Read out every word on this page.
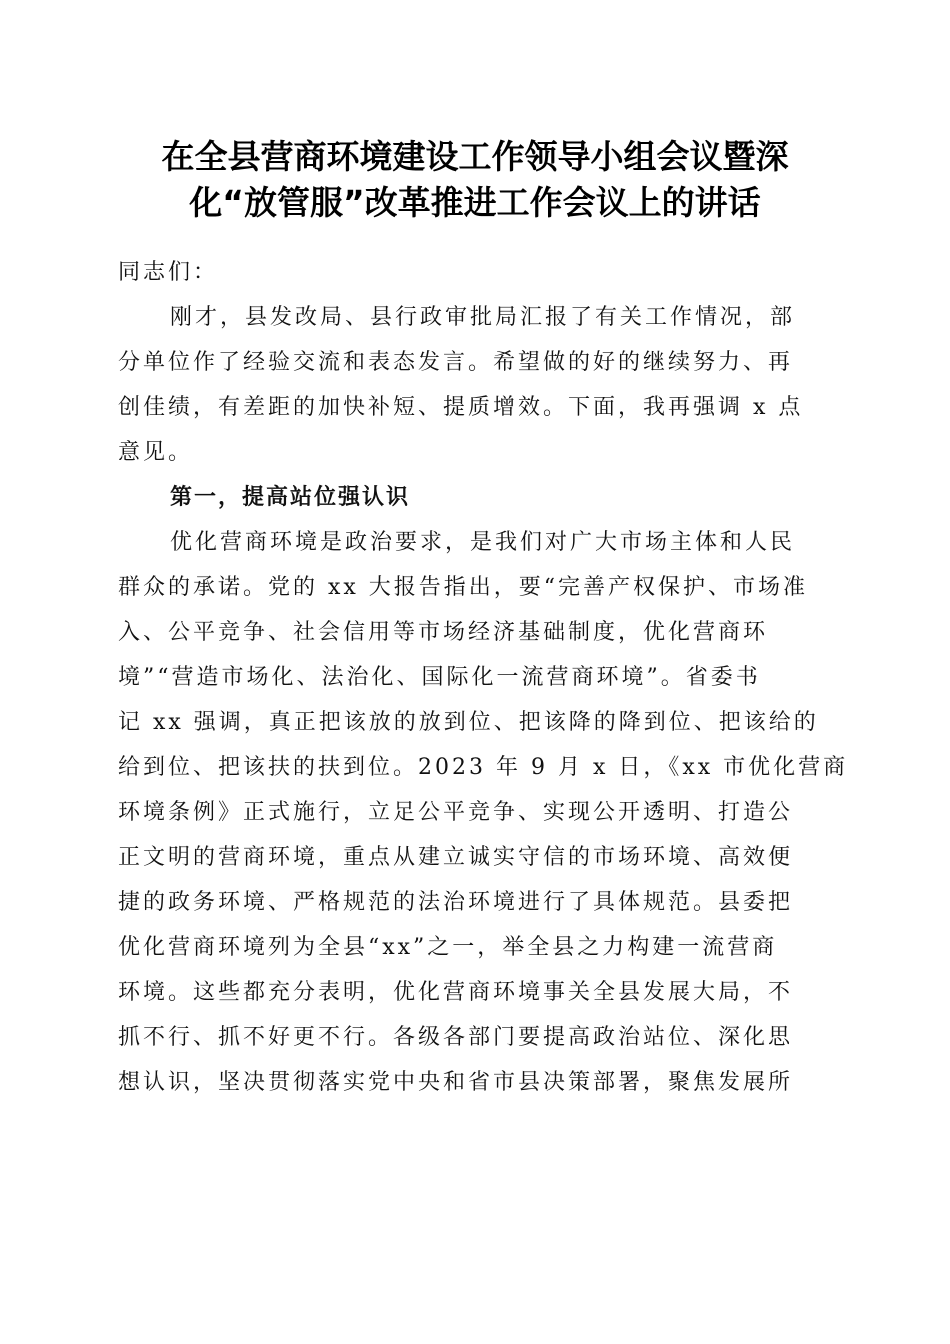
在全县营商环境建设工作领导小组会议暨深
化“放管服”改革推进工作会议上的讲话

同志们：

刚才，县发改局、县行政审批局汇报了有关工作情况，部
分单位作了经验交流和表态发言。希望做的好的继续努力、再
创佳绩，有差距的加快补短、提质增效。下面，我再强调 x 点
意见。

第一，提高站位强认识

优化营商环境是政治要求，是我们对广大市场主体和人民
群众的承诺。党的 xx 大报告指出，要“完善产权保护、市场准
入、公平竞争、社会信用等市场经济基础制度，优化营商环
境”“营造市场化、法治化、国际化一流营商环境”。省委书
记 xx 强调，真正把该放的放到位、把该降的降到位、把该给的
给到位、把该扶的扶到位。2023 年 9 月 x 日，《xx 市优化营商
环境条例》正式施行，立足公平竞争、实现公开透明、打造公
正文明的营商环境，重点从建立诚实守信的市场环境、高效便
捷的政务环境、严格规范的法治环境进行了具体规范。县委把
优化营商环境列为全县“xx”之一，举全县之力构建一流营商
环境。这些都充分表明，优化营商环境事关全县发展大局，不
抓不行、抓不好更不行。各级各部门要提高政治站位、深化思
想认识，坚决贯彻落实党中央和省市县决策部署，聚焦发展所
